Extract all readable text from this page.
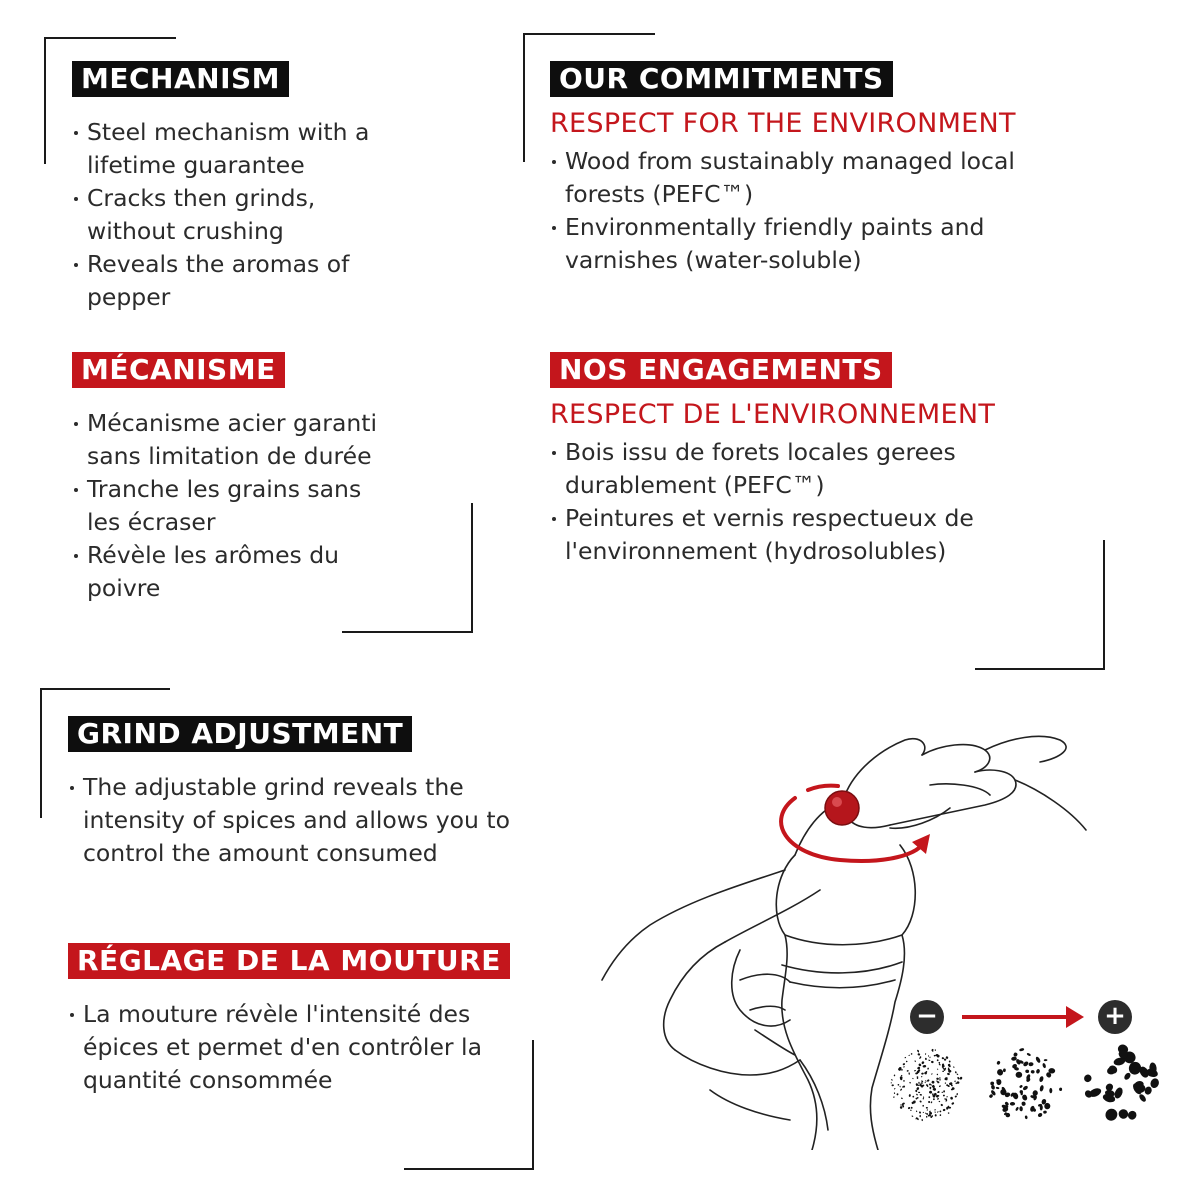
MECHANISM
Steel mechanism with a lifetime guarantee
Cracks then grinds, without crushing
Reveals the aromas of pepper
OUR COMMITMENTS
RESPECT FOR THE ENVIRONMENT
Wood from sustainably managed local forests (PEFC™)
Environmentally friendly paints and varnishes (water-soluble)
MÉCANISME
Mécanisme acier garanti sans limitation de durée
Tranche les grains sans les écraser
Révèle les arômes du poivre
NOS ENGAGEMENTS
RESPECT DE L'ENVIRONNEMENT
Bois issu de forets locales gerees durablement (PEFC™)
Peintures et vernis respectueux de l'environnement (hydrosolubles)
GRIND ADJUSTMENT
The adjustable grind reveals the intensity of spices and allows you to control the amount consumed
RÉGLAGE DE LA MOUTURE
La mouture révèle l'intensité des épices et permet d'en contrôler la quantité consommée
−	+
